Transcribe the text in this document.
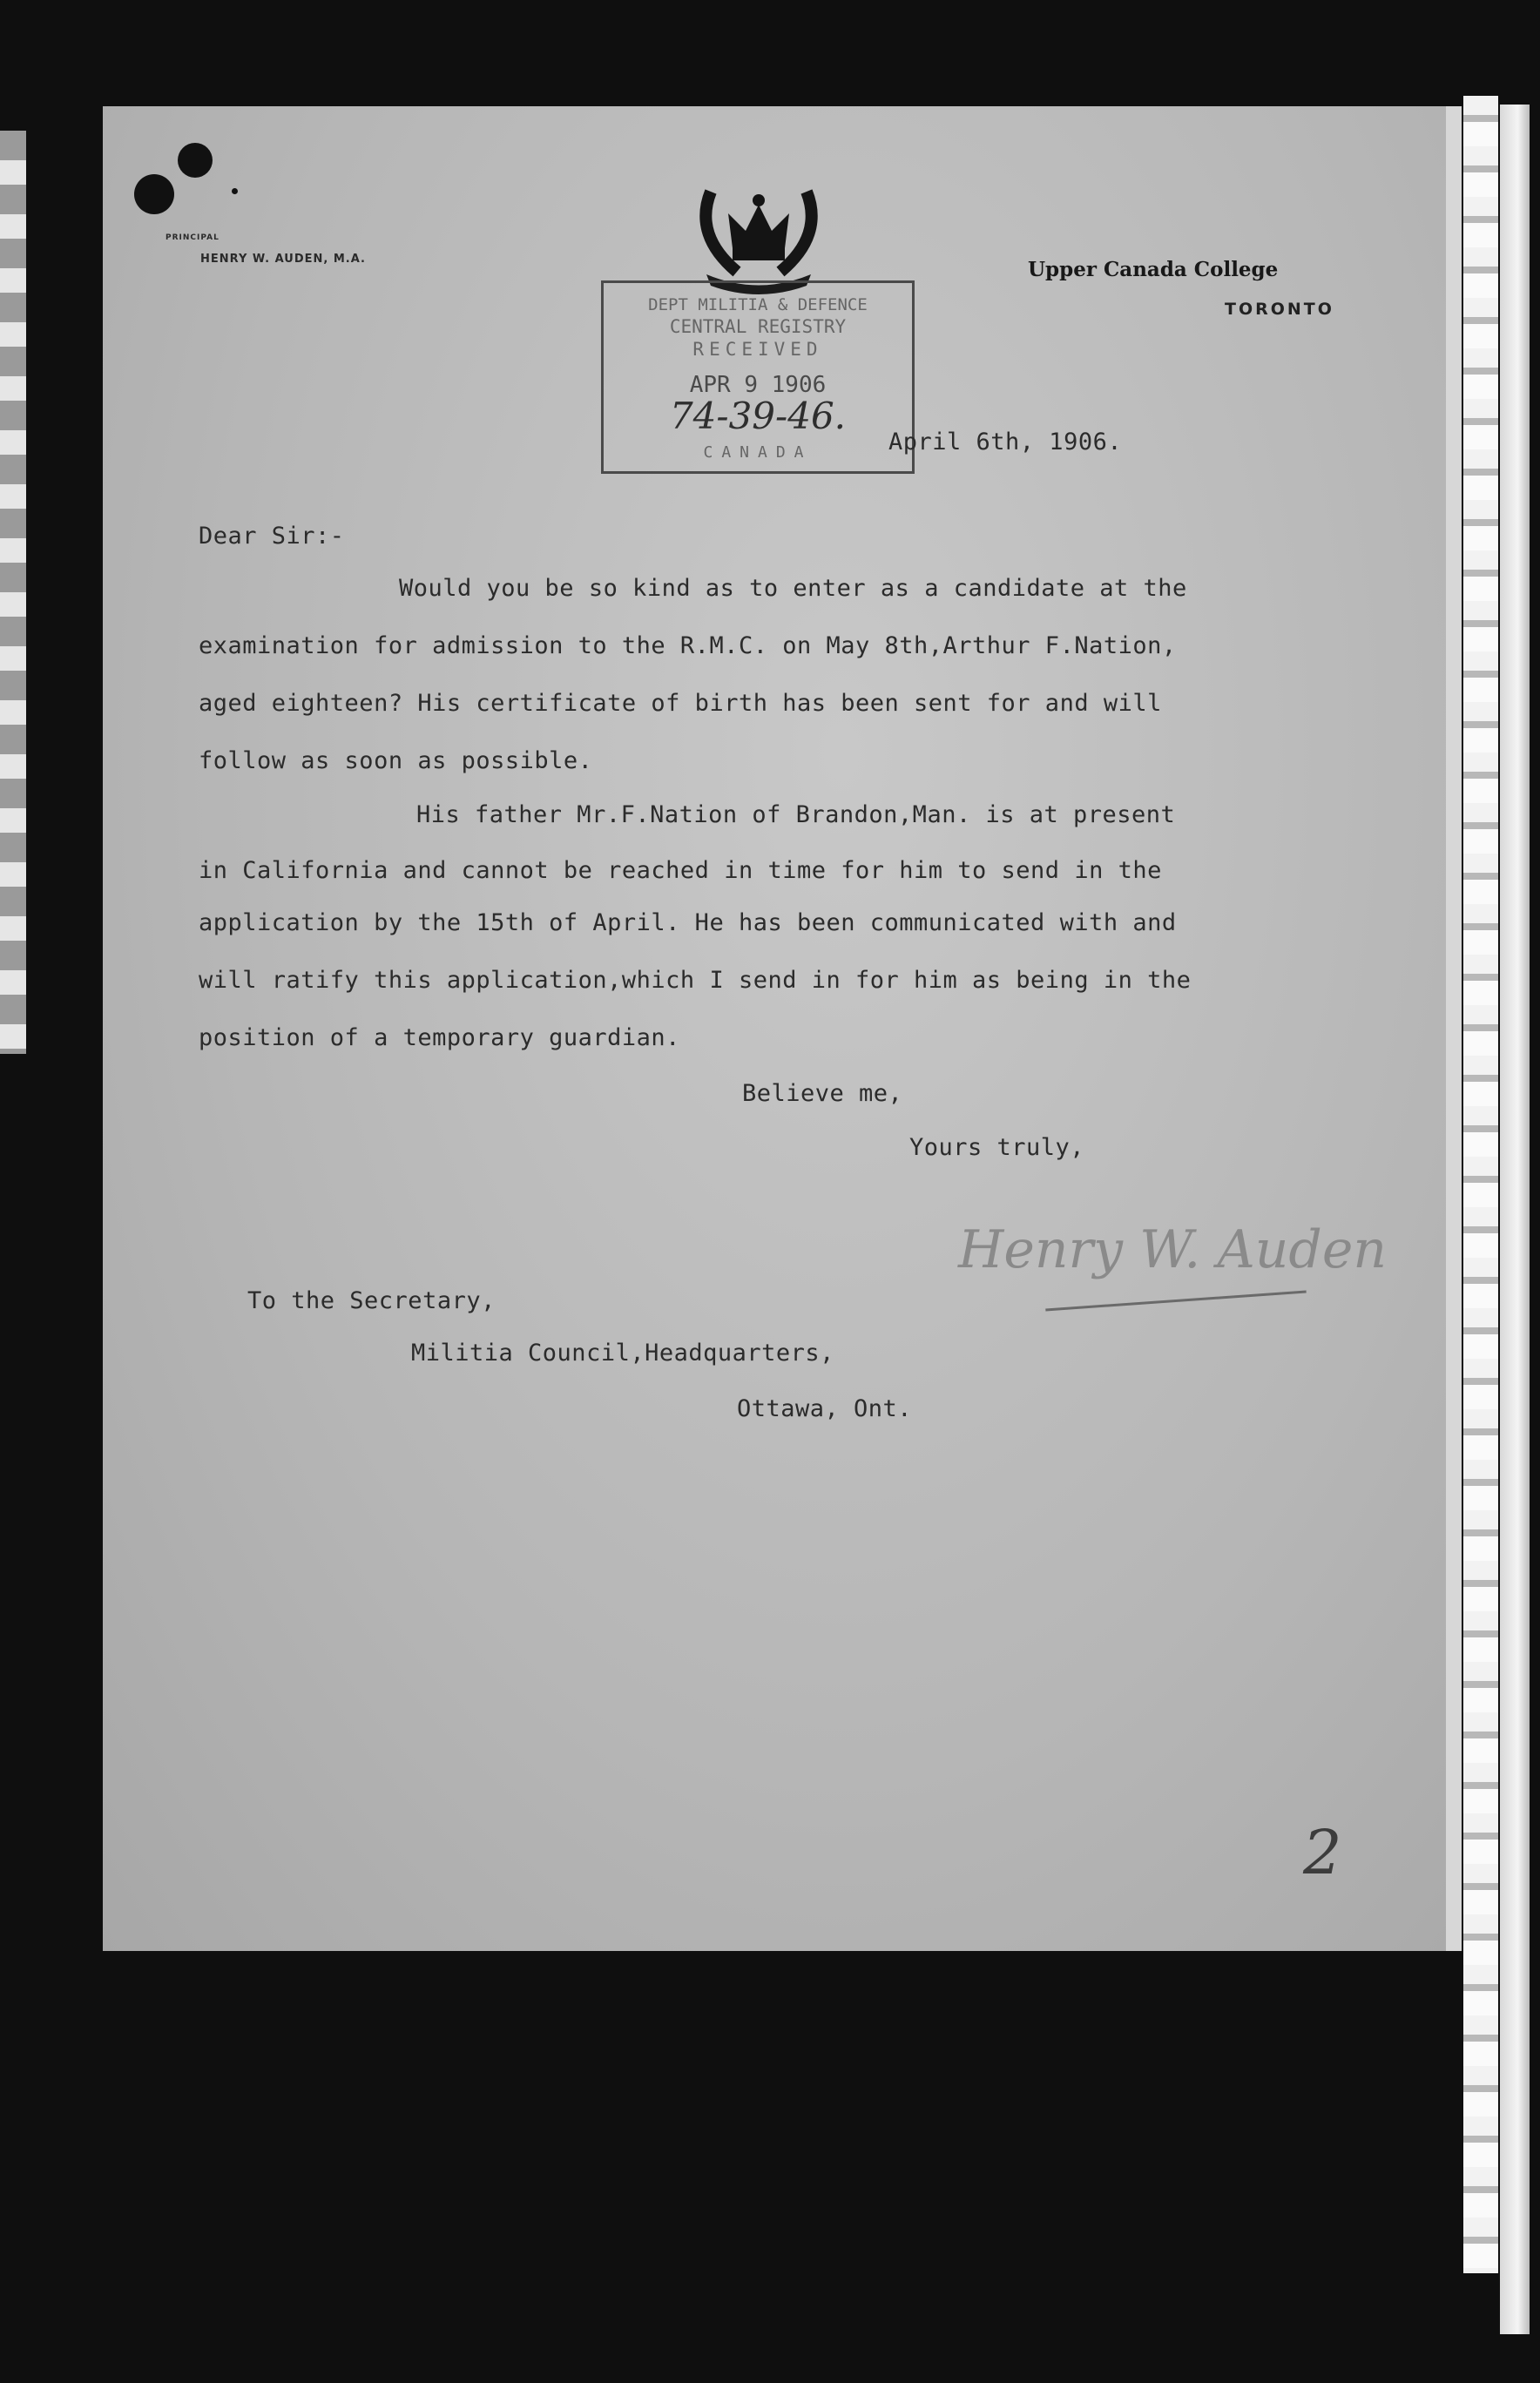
PRINCIPAL
HENRY W. AUDEN, M.A.	Upper Canada College
TORONTO
DEPT MILITIA & DEFENCE
CENTRAL REGISTRY
RECEIVED
APR 9 1906
74-39-46.
CANADA	April 6th, 1906.
Dear Sir:-
Would you be so kind as to enter as a candidate at the
examination for admission to the R.M.C. on May 8th,Arthur F.Nation,
aged eighteen? His certificate of birth has been sent for and will
follow as soon as possible.
His father Mr.F.Nation of Brandon,Man. is at present
in California and cannot be reached in time for him to send in the
application by the 15th of April. He has been communicated with and
will ratify this application,which I send in for him as being in the
position of a temporary guardian.
Believe me,
Yours truly,
Henry W. Auden
To the Secretary,
Militia Council,Headquarters,
Ottawa, Ont.
2
